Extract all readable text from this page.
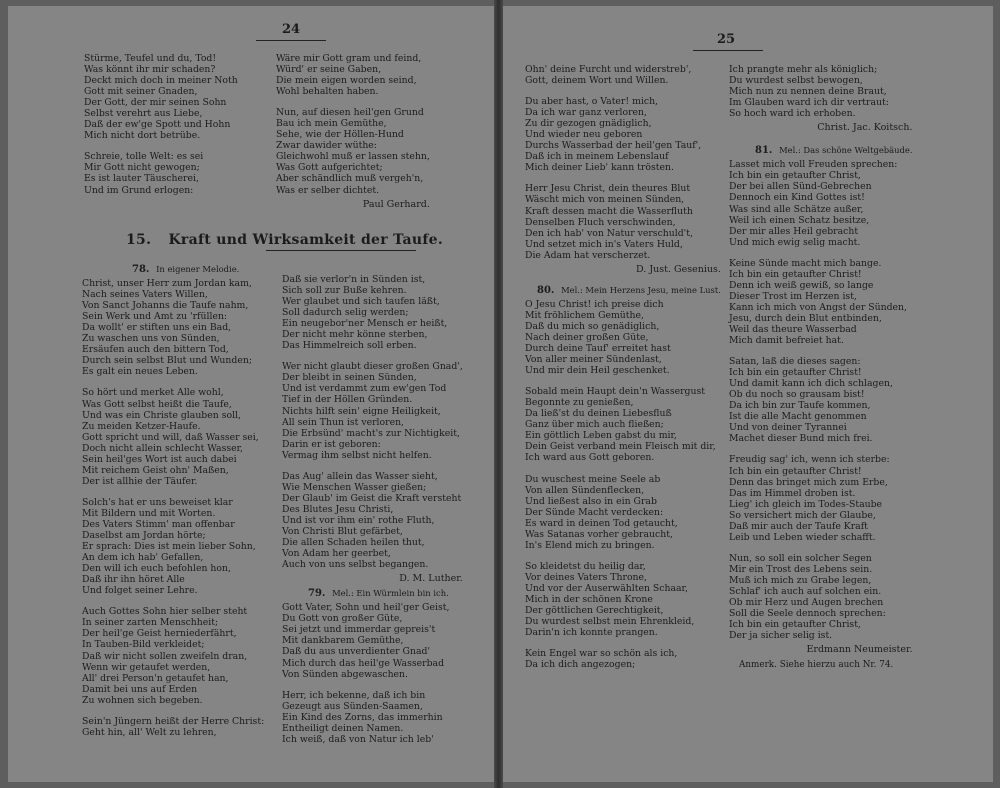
24
Stürme, Teufel und du, Tod!
Was könnt ihr mir schaden?
Deckt mich doch in meiner Noth
Gott mit seiner Gnaden,
Der Gott, der mir seinen Sohn
Selbst verehrt aus Liebe,
Daß der ew'ge Spott und Hohn
Mich nicht dort betrübe.
Schreie, tolle Welt: es sei
Mir Gott nicht gewogen;
Es ist lauter Täuscherei,
Und im Grund erlogen:
Wäre mir Gott gram und feind,
Würd' er seine Gaben,
Die mein eigen worden seind,
Wohl behalten haben.
Nun, auf diesen heil'gen Grund
Bau ich mein Gemüthe,
Sehe, wie der Höllen-Hund
Zwar dawider wüthe:
Gleichwohl muß er lassen stehn,
Was Gott aufgerichtet;
Aber schändlich muß vergeh'n,
Was er selber dichtet.
Paul Gerhard.
15. Kraft und Wirksamkeit der Taufe.
78. In eigener Melodie.
Christ, unser Herr zum Jordan kam,
Nach seines Vaters Willen,
Von Sanct Johanns die Taufe nahm,
Sein Werk und Amt zu 'rfüllen:
Da wollt' er stiften uns ein Bad,
Zu waschen uns von Sünden,
Ersäufen auch den bittern Tod,
Durch sein selbst Blut und Wunden;
Es galt ein neues Leben.
So hört und merket Alle wohl,
Was Gott selbst heißt die Taufe,
Und was ein Christe glauben soll,
Zu meiden Ketzer-Haufe.
Gott spricht und will, daß Wasser sei,
Doch nicht allein schlecht Wasser,
Sein heil'ges Wort ist auch dabei
Mit reichem Geist ohn' Maßen,
Der ist allhie der Täufer.
Solch's hat er uns beweiset klar
Mit Bildern und mit Worten.
Des Vaters Stimm' man offenbar
Daselbst am Jordan hörte;
Er sprach: Dies ist mein lieber Sohn,
An dem ich hab' Gefallen,
Den will ich euch befohlen hon,
Daß ihr ihn höret Alle
Und folget seiner Lehre.
Auch Gottes Sohn hier selber steht
In seiner zarten Menschheit;
Der heil'ge Geist herniederfährt,
In Tauben-Bild verkleidet;
Daß wir nicht sollen zweifeln dran,
Wenn wir getaufet werden,
All' drei Person'n getaufet han,
Damit bei uns auf Erden
Zu wohnen sich begeben.
Sein'n Jüngern heißt der Herre Christ:
Geht hin, all' Welt zu lehren,
Daß sie verlor'n in Sünden ist,
Sich soll zur Buße kehren.
Wer glaubet und sich taufen läßt,
Soll dadurch selig werden;
Ein neugebor'ner Mensch er heißt,
Der nicht mehr könne sterben,
Das Himmelreich soll erben.
Wer nicht glaubt dieser großen Gnad',
Der bleibt in seinen Sünden,
Und ist verdammt zum ew'gen Tod
Tief in der Höllen Gründen.
Nichts hilft sein' eigne Heiligkeit,
All sein Thun ist verloren,
Die Erbsünd' macht's zur Nichtigkeit,
Darin er ist geboren:
Vermag ihm selbst nicht helfen.
Das Aug' allein das Wasser sieht,
Wie Menschen Wasser gießen;
Der Glaub' im Geist die Kraft versteht
Des Blutes Jesu Christi,
Und ist vor ihm ein' rothe Fluth,
Von Christi Blut gefärbet,
Die allen Schaden heilen thut,
Von Adam her geerbet,
Auch von uns selbst begangen.
D. M. Luther.
79. Mel.: Ein Würmlein bin ich.
Gott Vater, Sohn und heil'ger Geist,
Du Gott von großer Güte,
Sei jetzt und immerdar gepreis't
Mit dankbarem Gemüthe,
Daß du aus unverdienter Gnad'
Mich durch das heil'ge Wasserbad
Von Sünden abgewaschen.
Herr, ich bekenne, daß ich bin
Gezeugt aus Sünden-Saamen,
Ein Kind des Zorns, das immerhin
Entheiligt deinen Namen.
Ich weiß, daß von Natur ich leb'
25
Ohn' deine Furcht und widerstreb',
Gott, deinem Wort und Willen.
Du aber hast, o Vater! mich,
Da ich war ganz verloren,
Zu dir gezogen gnädiglich,
Und wieder neu geboren
Durchs Wasserbad der heil'gen Tauf',
Daß ich in meinem Lebenslauf
Mich deiner Lieb' kann trösten.
Herr Jesu Christ, dein theures Blut
Wäscht mich von meinen Sünden,
Kraft dessen macht die Wasserfluth
Denselben Fluch verschwinden,
Den ich hab' von Natur verschuld't,
Und setzet mich in's Vaters Huld,
Die Adam hat verscherzet.
D. Just. Gesenius.
80. Mel.: Mein Herzens Jesu, meine Lust.
O Jesu Christ! ich preise dich
Mit fröhlichem Gemüthe,
Daß du mich so genädiglich,
Nach deiner großen Güte,
Durch deine Tauf' erreitet hast
Von aller meiner Sündenlast,
Und mir dein Heil geschenket.
Sobald mein Haupt dein'n Wassergust
Begonnte zu genießen,
Da ließ'st du deinen Liebesfluß
Ganz über mich auch fließen;
Ein göttlich Leben gabst du mir,
Dein Geist verband mein Fleisch mit dir,
Ich ward aus Gott geboren.
Du wuschest meine Seele ab
Von allen Sündenflecken,
Und ließest also in ein Grab
Der Sünde Macht verdecken:
Es ward in deinen Tod getaucht,
Was Satanas vorher gebraucht,
In's Elend mich zu bringen.
So kleidetst du heilig dar,
Vor deines Vaters Throne,
Und vor der Auserwählten Schaar,
Mich in der schönen Krone
Der göttlichen Gerechtigkeit,
Du wurdest selbst mein Ehrenkleid,
Darin'n ich konnte prangen.
Kein Engel war so schön als ich,
Da ich dich angezogen;
Ich prangte mehr als königlich;
Du wurdest selbst bewogen,
Mich nun zu nennen deine Braut,
Im Glauben ward ich dir vertraut:
So hoch ward ich erhoben.
Christ. Jac. Koitsch.
81. Mel.: Das schöne Weltgebäude.
Lasset mich voll Freuden sprechen:
Ich bin ein getaufter Christ,
Der bei allen Sünd-Gebrechen
Dennoch ein Kind Gottes ist!
Was sind alle Schätze außer,
Weil ich einen Schatz besitze,
Der mir alles Heil gebracht
Und mich ewig selig macht.
Keine Sünde macht mich bange.
Ich bin ein getaufter Christ!
Denn ich weiß gewiß, so lange
Dieser Trost im Herzen ist,
Kann ich mich von Angst der Sünden,
Jesu, durch dein Blut entbinden,
Weil das theure Wasserbad
Mich damit befreiet hat.
Satan, laß die dieses sagen:
Ich bin ein getaufter Christ!
Und damit kann ich dich schlagen,
Ob du noch so grausam bist!
Da ich bin zur Taufe kommen,
Ist die alle Macht genommen
Und von deiner Tyrannei
Machet dieser Bund mich frei.
Freudig sag' ich, wenn ich sterbe:
Ich bin ein getaufter Christ!
Denn das bringet mich zum Erbe,
Das im Himmel droben ist.
Lieg' ich gleich im Todes-Staube
So versichert mich der Glaube,
Daß mir auch der Taufe Kraft
Leib und Leben wieder schafft.
Nun, so soll ein solcher Segen
Mir ein Trost des Lebens sein.
Muß ich mich zu Grabe legen,
Schlaf' ich auch auf solchen ein.
Ob mir Herz und Augen brechen
Soll die Seele dennoch sprechen:
Ich bin ein getaufter Christ,
Der ja sicher selig ist.
Erdmann Neumeister.
Anmerk. Siehe hierzu auch Nr. 74.
